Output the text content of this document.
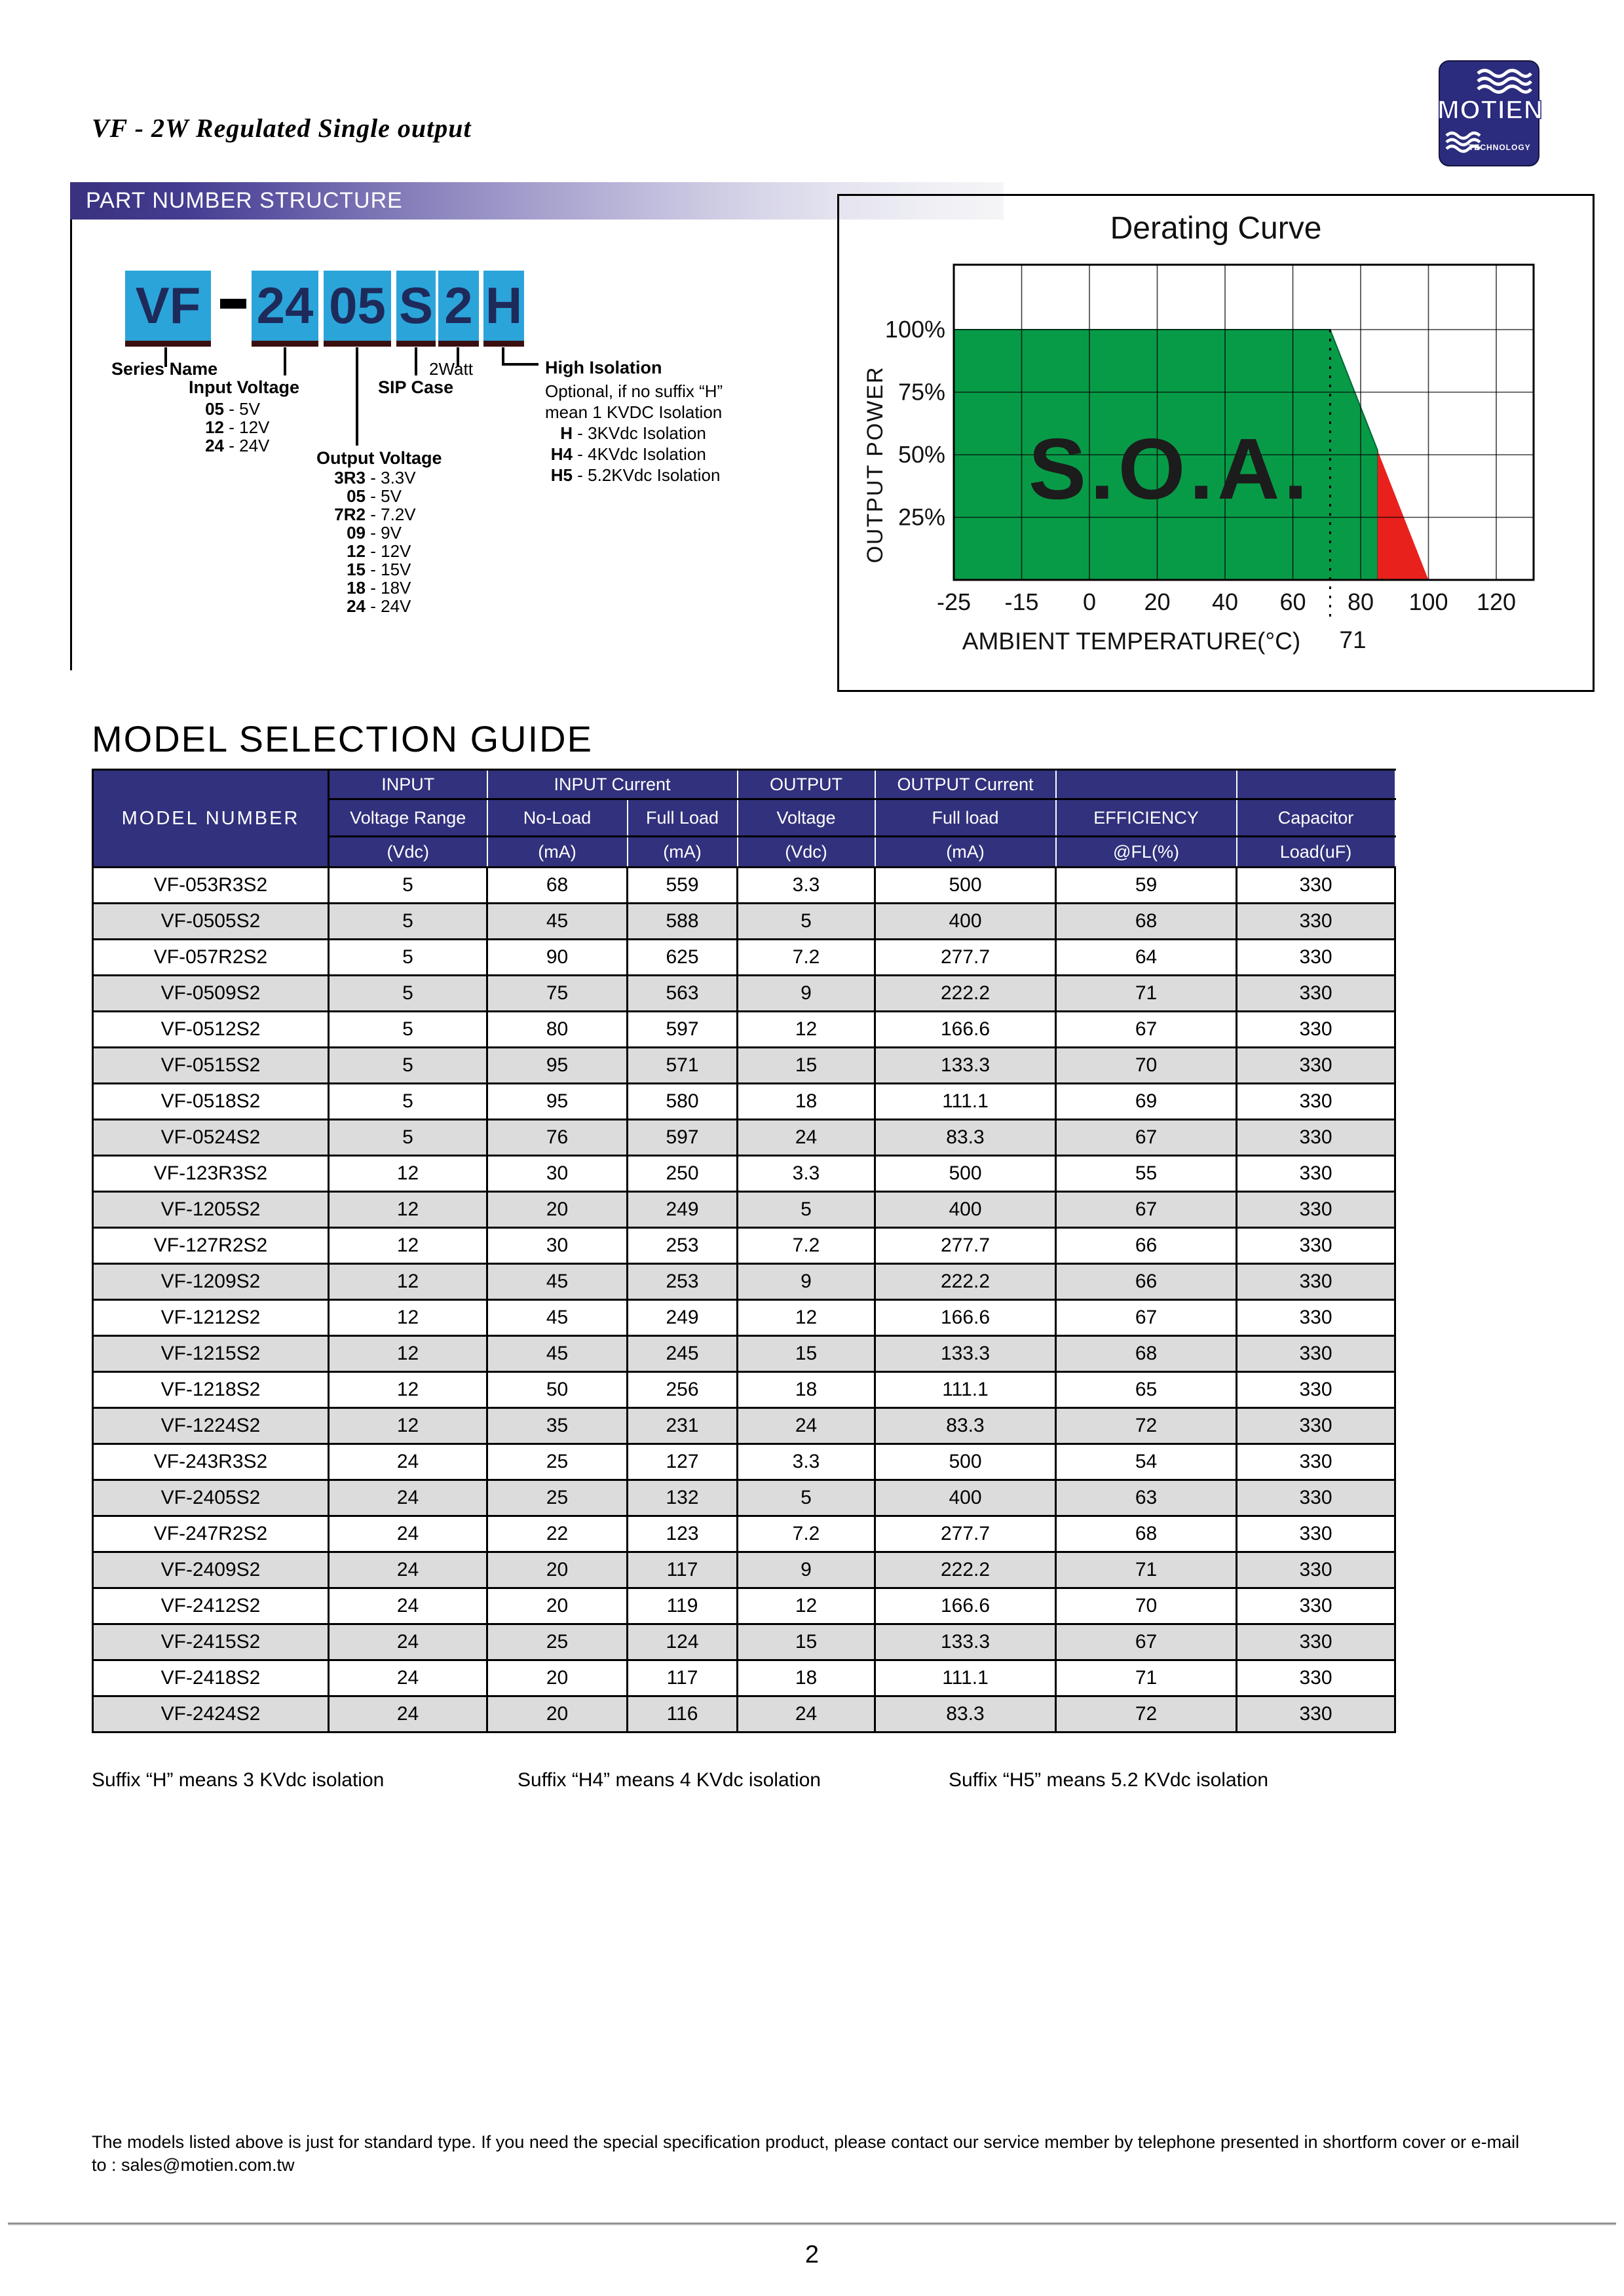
VF - 2W Regulated Single output
MOTIEN
TECHNOLOGY
PART NUMBER STRUCTURE
VF 24 05 S 2 H
Series Name	2Watt
SIP Case
Input Voltage
05 - 5V
12 - 12V
24 - 24V
Output Voltage
3R3 - 3.3V
05 - 5V
7R2 - 7.2V
09 - 9V
12 - 12V
15 - 15V
18 - 18V
24 - 24V
High Isolation
Optional, if no suffix “H”
mean 1 KVDC Isolation
H - 3KVdc Isolation
H4 - 4KVdc Isolation
H5 - 5.2KVdc Isolation
Derating Curve
S.O.A.
71
-25 -15 0 20 40 60 80 100 120
100%
75%
50%
25%
AMBIENT TEMPERATURE(°C)
OUTPUT POWER
MODEL SELECTION GUIDE
MODEL NUMBER	INPUT	INPUT Current		OUTPUT	OUTPUT Current		
	Voltage Range	No-Load	Full Load	Voltage	Full load	EFFICIENCY	Capacitor
	(Vdc)	(mA)	(mA)	(Vdc)	(mA)	@FL(%)	Load(uF)
VF-053R3S2	5	68	559	3.3	500	59	330
VF-0505S2	5	45	588	5	400	68	330
VF-057R2S2	5	90	625	7.2	277.7	64	330
VF-0509S2	5	75	563	9	222.2	71	330
VF-0512S2	5	80	597	12	166.6	67	330
VF-0515S2	5	95	571	15	133.3	70	330
VF-0518S2	5	95	580	18	111.1	69	330
VF-0524S2	5	76	597	24	83.3	67	330
VF-123R3S2	12	30	250	3.3	500	55	330
VF-1205S2	12	20	249	5	400	67	330
VF-127R2S2	12	30	253	7.2	277.7	66	330
VF-1209S2	12	45	253	9	222.2	66	330
VF-1212S2	12	45	249	12	166.6	67	330
VF-1215S2	12	45	245	15	133.3	68	330
VF-1218S2	12	50	256	18	111.1	65	330
VF-1224S2	12	35	231	24	83.3	72	330
VF-243R3S2	24	25	127	3.3	500	54	330
VF-2405S2	24	25	132	5	400	63	330
VF-247R2S2	24	22	123	7.2	277.7	68	330
VF-2409S2	24	20	117	9	222.2	71	330
VF-2412S2	24	20	119	12	166.6	70	330
VF-2415S2	24	25	124	15	133.3	67	330
VF-2418S2	24	20	117	18	111.1	71	330
VF-2424S2	24	20	116	24	83.3	72	330
Suffix “H” means 3 KVdc isolation	Suffix “H4” means 4 KVdc isolation	Suffix “H5” means 5.2 KVdc isolation
The models listed above is just for standard type. If you need the special specification product, please contact our service member by telephone presented in shortform cover or e-mail
to : sales@motien.com.tw
2
